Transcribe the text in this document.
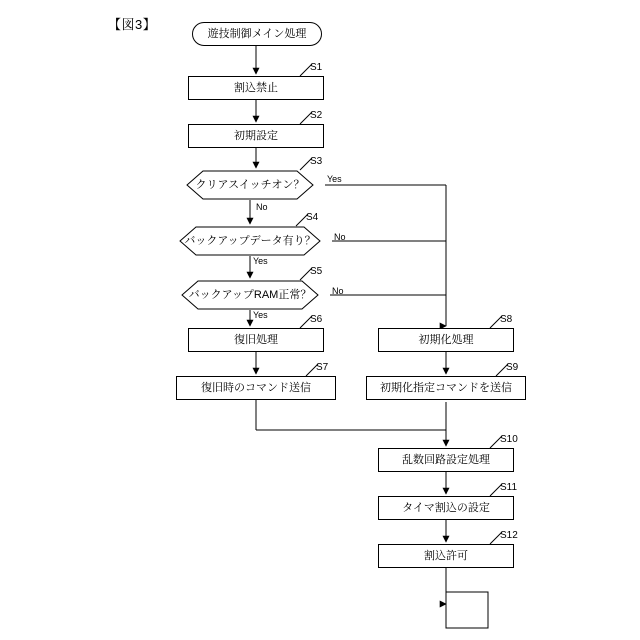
【図3】
遊技制御メイン処理
割込禁止
初期設定
クリアスイッチオン？
バックアップデータ有り？
バックアップRAM正常？
復旧処理
復旧時のコマンド送信
初期化処理
初期化指定コマンドを送信
乱数回路設定処理
タイマ割込の設定
割込許可
S1
S2
S3
S4
S5
S6
S7
S8
S9
S10
S11
S12
Yes
No
No
Yes
No
Yes
